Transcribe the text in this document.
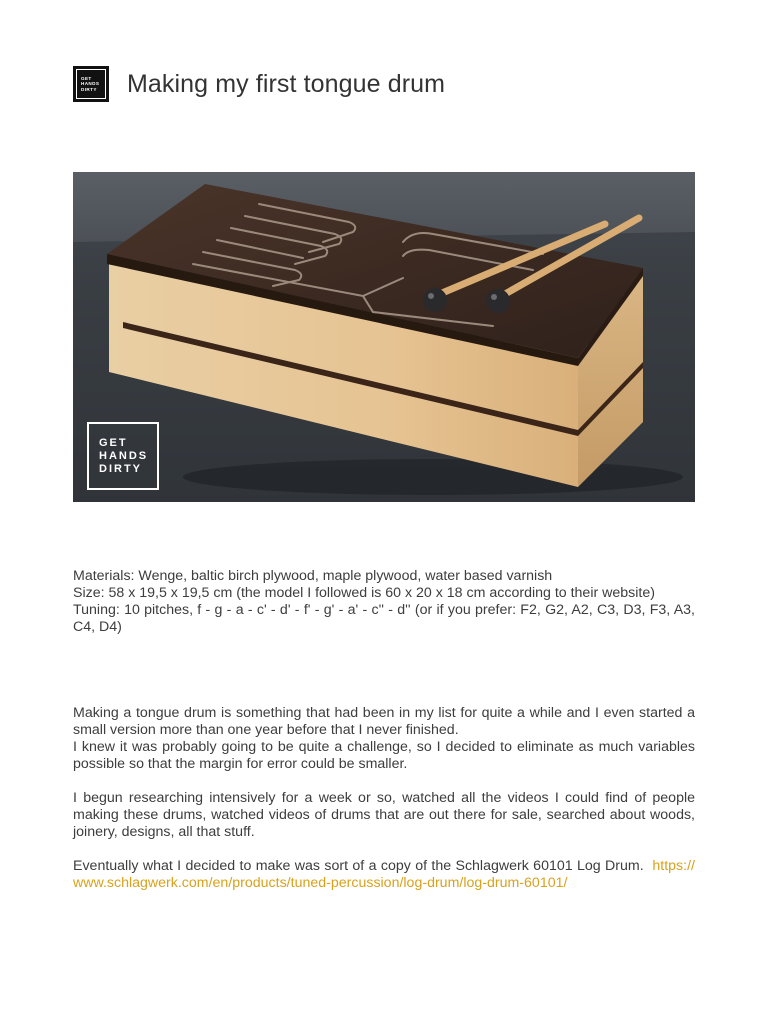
GET
HANDS
DIRTY	Making my first tongue drum
GET
HANDS
DIRTY

Materials: Wenge, baltic birch plywood, maple plywood, water based varnish

Size: 58 x 19,5 x 19,5 cm (the model I followed is 60 x 20 x 18 cm according to their website)

Tuning: 10 pitches, f - g - a - c' - d' - f' - g' - a' - c'' - d'' (or if you prefer: F2, G2, A2, C3, D3, F3, A3, C4, D4)

Making a tongue drum is something that had been in my list for quite a while and I even started a small version more than one year before that I never finished.

I knew it was probably going to be quite a challenge, so I decided to eliminate as much variables possible so that the margin for error could be smaller.

I begun researching intensively for a week or so, watched all the videos I could find of people making these drums, watched videos of drums that are out there for sale, searched about woods, joinery, designs, all that stuff.

Eventually what I decided to make was sort of a copy of the Schlagwerk 60101 Log Drum. https://www.schlagwerk.com/en/products/tuned-percussion/log-drum/log-drum-60101/
